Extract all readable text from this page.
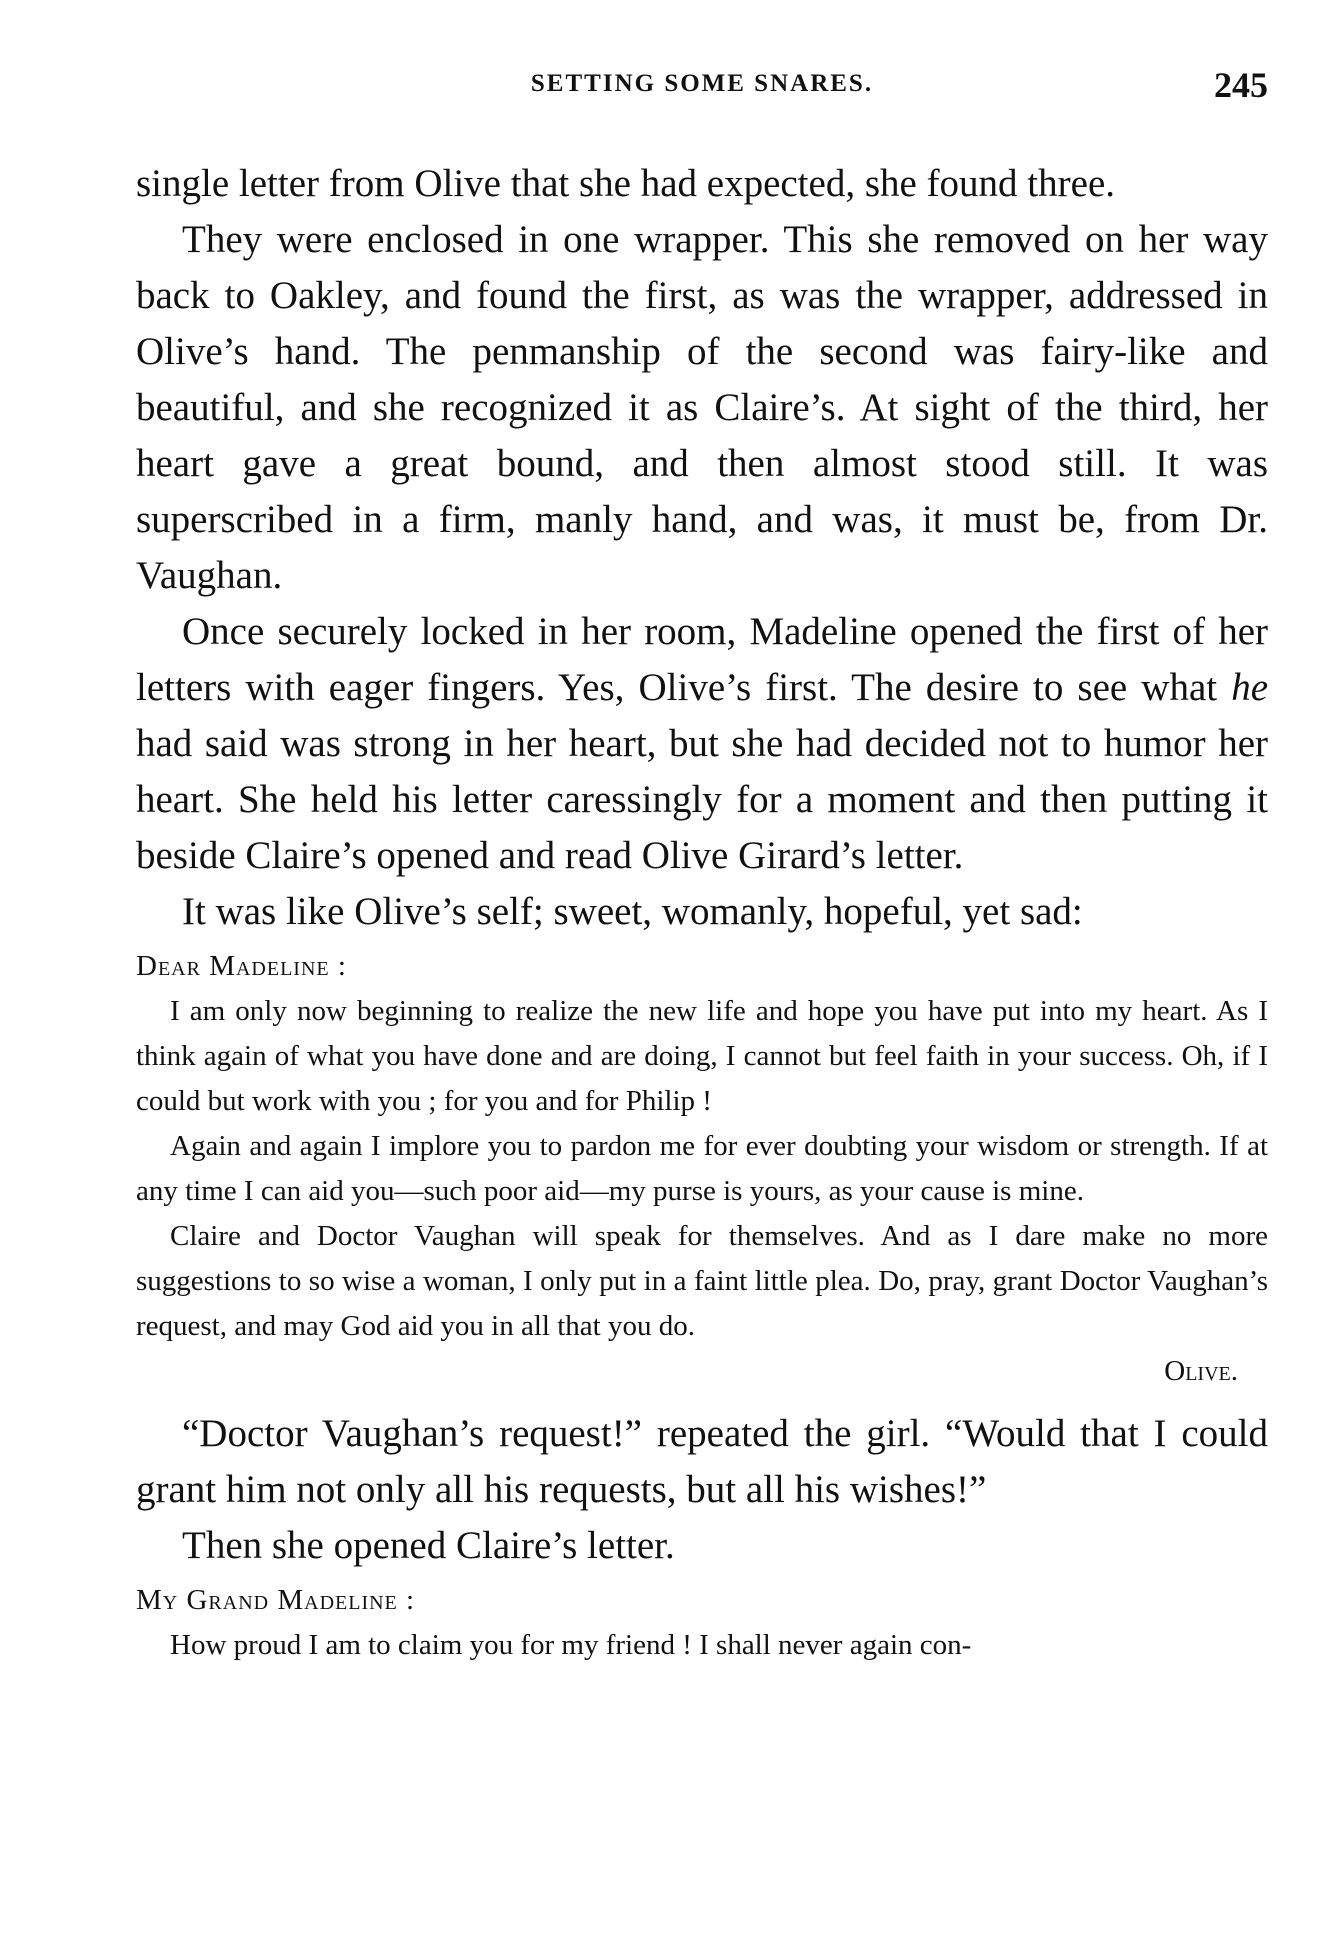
SETTING SOME SNARES.	245

single letter from Olive that she had expected, she found three.

They were enclosed in one wrapper. This she removed on her way back to Oakley, and found the first, as was the wrapper, addressed in Olive’s hand. The penmanship of the second was fairy-like and beautiful, and she recognized it as Claire’s. At sight of the third, her heart gave a great bound, and then almost stood still. It was superscribed in a firm, manly hand, and was, it must be, from Dr. Vaughan.

Once securely locked in her room, Madeline opened the first of her letters with eager fingers. Yes, Olive’s first. The desire to see what he had said was strong in her heart, but she had decided not to humor her heart. She held his letter caressingly for a moment and then putting it beside Claire’s opened and read Olive Girard’s letter.

It was like Olive’s self; sweet, womanly, hopeful, yet sad:

Dear Madeline :

I am only now beginning to realize the new life and hope you have put into my heart. As I think again of what you have done and are doing, I cannot but feel faith in your success. Oh, if I could but work with you ; for you and for Philip !

Again and again I implore you to pardon me for ever doubting your wisdom or strength. If at any time I can aid you—such poor aid—my purse is yours, as your cause is mine.

Claire and Doctor Vaughan will speak for themselves. And as I dare make no more suggestions to so wise a woman, I only put in a faint little plea. Do, pray, grant Doctor Vaughan’s request, and may God aid you in all that you do.

Olive.

“Doctor Vaughan’s request!” repeated the girl. “Would that I could grant him not only all his requests, but all his wishes!”

Then she opened Claire’s letter.

My Grand Madeline :

How proud I am to claim you for my friend ! I shall never again con-
